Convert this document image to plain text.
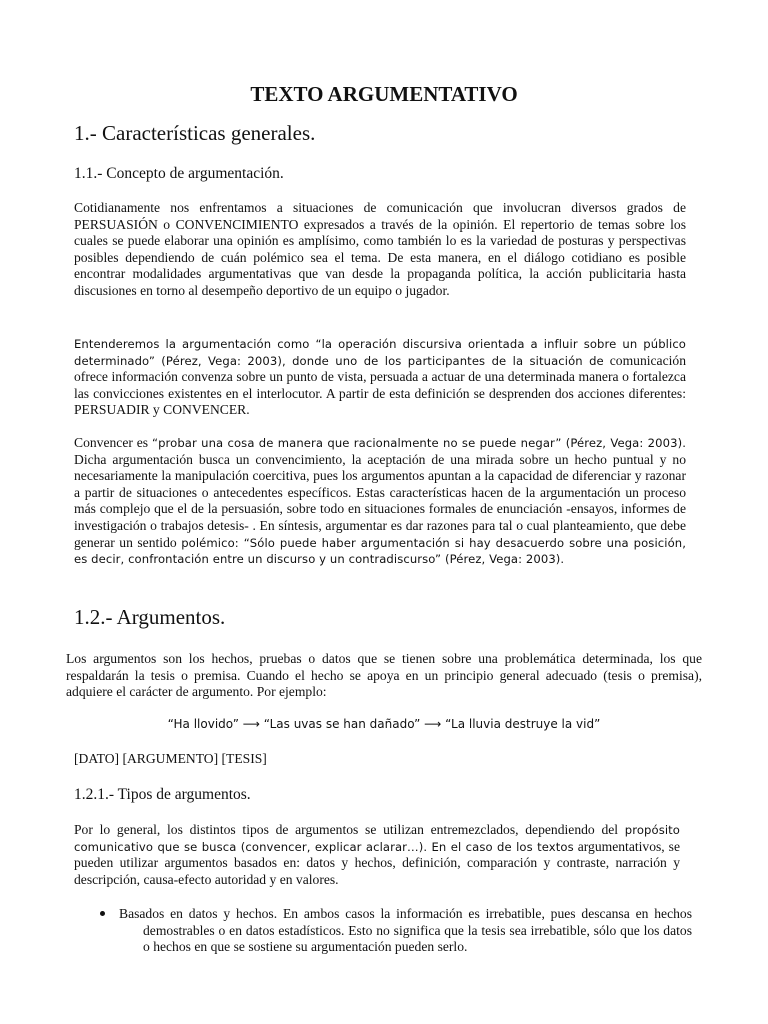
TEXTO ARGUMENTATIVO
1.- Características generales.
1.1.- Concepto de argumentación.

Cotidianamente nos enfrentamos a situaciones de comunicación que involucran diversos grados de PERSUASIÓN o CONVENCIMIENTO expresados a través de la opinión. El repertorio de temas sobre los cuales se puede elaborar una opinión es amplísimo, como también lo es la variedad de posturas y perspectivas posibles dependiendo de cuán polémico sea el tema. De esta manera, en el diálogo cotidiano es posible encontrar modalidades argumentativas que van desde la propaganda política, la acción publicitaria hasta discusiones en torno al desempeño deportivo de un equipo o jugador.

Entenderemos la argumentación como “la operación discursiva orientada a influir sobre un público determinado” (Pérez, Vega: 2003), donde uno de los participantes de la situación de comunicación ofrece información convenza sobre un punto de vista, persuada a actuar de una determinada manera o fortalezca las convicciones existentes en el interlocutor. A partir de esta definición se desprenden dos acciones diferentes: PERSUADIR y CONVENCER.

Convencer es “probar una cosa de manera que racionalmente no se puede negar” (Pérez, Vega: 2003). Dicha argumentación busca un convencimiento, la aceptación de una mirada sobre un hecho puntual y no necesariamente la manipulación coercitiva, pues los argumentos apuntan a la capacidad de diferenciar y razonar a partir de situaciones o antecedentes específicos. Estas características hacen de la argumentación un proceso más complejo que el de la persuasión, sobre todo en situaciones formales de enunciación -ensayos, informes de investigación o trabajos detesis- . En síntesis, argumentar es dar razones para tal o cual planteamiento, que debe generar un sentido polémico: “Sólo puede haber argumentación si hay desacuerdo sobre una posición, es decir, confrontación entre un discurso y un contradiscurso” (Pérez, Vega: 2003).

1.2.- Argumentos.

Los argumentos son los hechos, pruebas o datos que se tienen sobre una problemática determinada, los que respaldarán la tesis o premisa. Cuando el hecho se apoya en un principio general adecuado (tesis o premisa), adquiere el carácter de argumento. Por ejemplo:

“Ha llovido” ⟶ “Las uvas se han dañado” ⟶ “La lluvia destruye la vid”
[DATO] [ARGUMENTO] [TESIS]
1.2.1.- Tipos de argumentos.

Por lo general, los distintos tipos de argumentos se utilizan entremezclados, dependiendo del propósito comunicativo que se busca (convencer, explicar aclarar…). En el caso de los textos argumentativos, se pueden utilizar argumentos basados en: datos y hechos, definición, comparación y contraste, narración y descripción, causa-efecto autoridad y en valores.

Basados en datos y hechos. En ambos casos la información es irrebatible, pues descansa en hechos demostrables o en datos estadísticos. Esto no significa que la tesis sea irrebatible, sólo que los datos o hechos en que se sostiene su argumentación pueden serlo.
